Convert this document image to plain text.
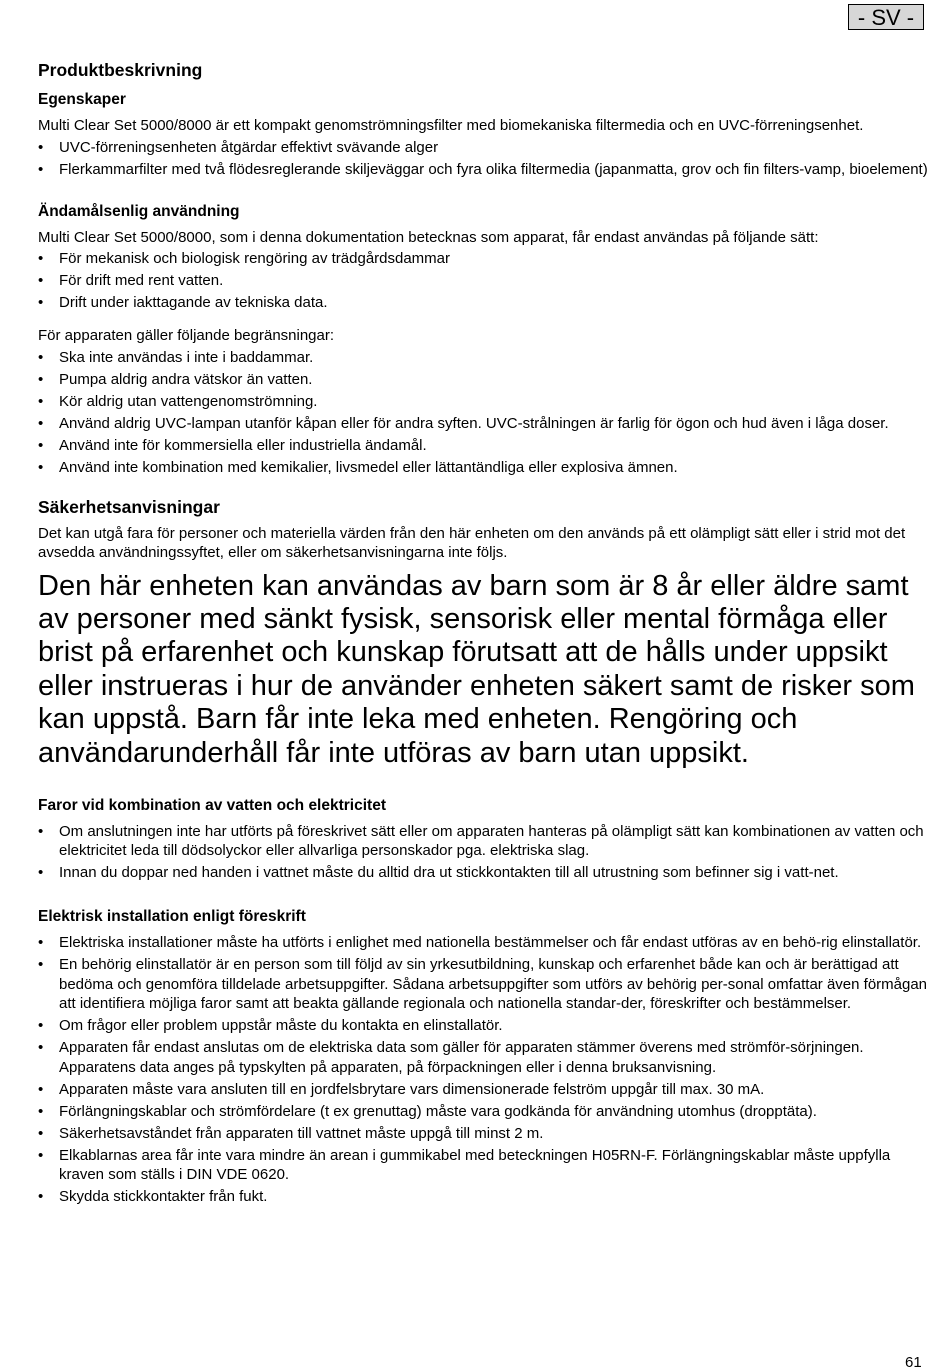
- SV -
Produktbeskrivning
Egenskaper

Multi Clear Set 5000/8000 är ett kompakt genomströmningsfilter med biomekaniska filtermedia och en UVC-förreningsenhet.

• UVC-förreningsenheten åtgärdar effektivt svävande alger
• Flerkammarfilter med två flödesreglerande skiljeväggar och fyra olika filtermedia (japanmatta, grov och fin filters-vamp, bioelement)
Ändamålsenlig användning

Multi Clear Set 5000/8000, som i denna dokumentation betecknas som apparat, får endast användas på följande sätt:

• För mekanisk och biologisk rengöring av trädgårdsdammar
• För drift med rent vatten.
• Drift under iakttagande av tekniska data.

För apparaten gäller följande begränsningar:

• Ska inte användas i inte i baddammar.
• Pumpa aldrig andra vätskor än vatten.
• Kör aldrig utan vattengenomströmning.
• Använd aldrig UVC-lampan utanför kåpan eller för andra syften. UVC-strålningen är farlig för ögon och hud även i låga doser.
• Använd inte för kommersiella eller industriella ändamål.
• Använd inte kombination med kemikalier, livsmedel eller lättantändliga eller explosiva ämnen.
Säkerhetsanvisningar

Det kan utgå fara för personer och materiella värden från den här enheten om den används på ett olämpligt sätt eller i strid mot det avsedda användningssyftet, eller om säkerhetsanvisningarna inte följs.

Den här enheten kan användas av barn som är 8 år eller äldre samt av personer med sänkt fysisk, sensorisk eller mental förmåga eller brist på erfarenhet och kunskap förutsatt att de hålls under uppsikt eller instrueras i hur de använder enheten säkert samt de risker som kan uppstå. Barn får inte leka med enheten. Rengöring och användarunderhåll får inte utföras av barn utan uppsikt.

Faror vid kombination av vatten och elektricitet
• Om anslutningen inte har utförts på föreskrivet sätt eller om apparaten hanteras på olämpligt sätt kan kombinationen av vatten och elektricitet leda till dödsolyckor eller allvarliga personskador pga. elektriska slag.
• Innan du doppar ned handen i vattnet måste du alltid dra ut stickkontakten till all utrustning som befinner sig i vatt-net.
Elektrisk installation enligt föreskrift
• Elektriska installationer måste ha utförts i enlighet med nationella bestämmelser och får endast utföras av en behö-rig elinstallatör.
• En behörig elinstallatör är en person som till följd av sin yrkesutbildning, kunskap och erfarenhet både kan och är berättigad att bedöma och genomföra tilldelade arbetsuppgifter. Sådana arbetsuppgifter som utförs av behörig per-sonal omfattar även förmågan att identifiera möjliga faror samt att beakta gällande regionala och nationella standar-der, föreskrifter och bestämmelser.
• Om frågor eller problem uppstår måste du kontakta en elinstallatör.
• Apparaten får endast anslutas om de elektriska data som gäller för apparaten stämmer överens med strömför-sörjningen. Apparatens data anges på typskylten på apparaten, på förpackningen eller i denna bruksanvisning.
• Apparaten måste vara ansluten till en jordfelsbrytare vars dimensionerade felström uppgår till max. 30 mA.
• Förlängningskablar och strömfördelare (t ex grenuttag) måste vara godkända för användning utomhus (dropptäta).
• Säkerhetsavståndet från apparaten till vattnet måste uppgå till minst 2 m.
• Elkablarnas area får inte vara mindre än arean i gummikabel med beteckningen H05RN-F. Förlängningskablar måste uppfylla kraven som ställs i DIN VDE 0620.
• Skydda stickkontakter från fukt.
61
